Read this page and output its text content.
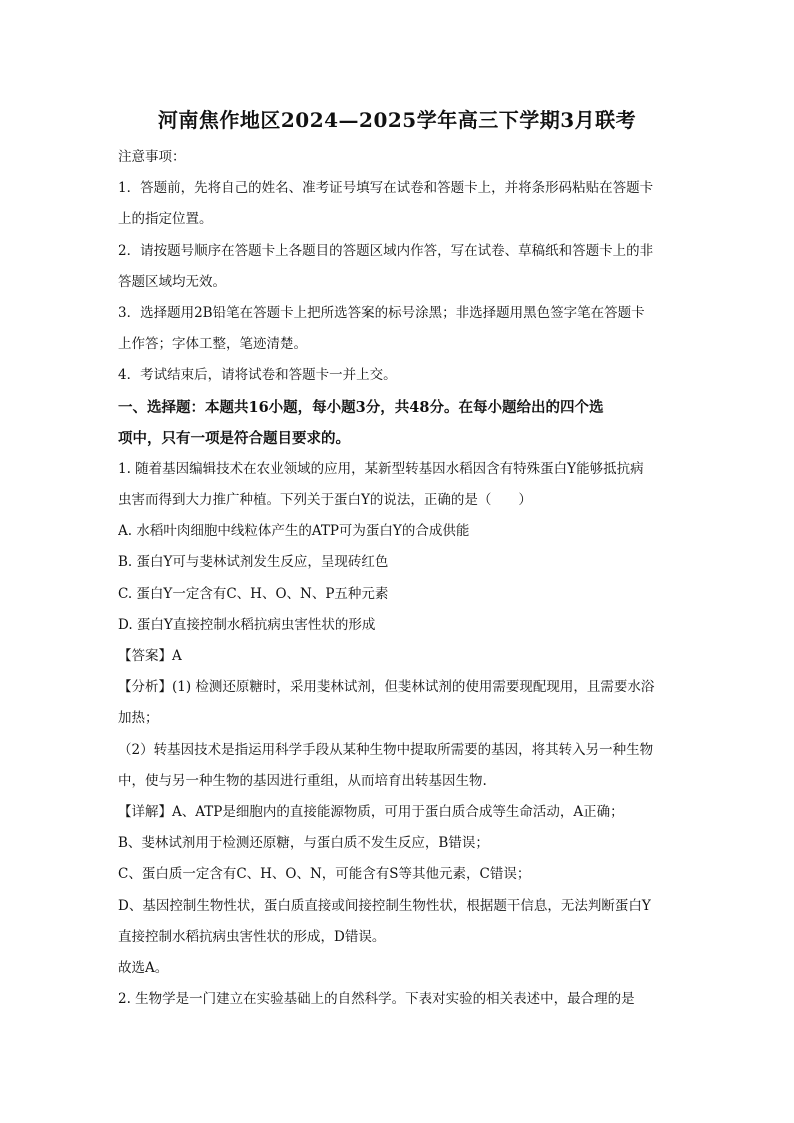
河南焦作地区2024—2025学年高三下学期3月联考
注意事项：
1．答题前，先将自己的姓名、准考证号填写在试卷和答题卡上，并将条形码粘贴在答题卡
上的指定位置。
2．请按题号顺序在答题卡上各题目的答题区域内作答，写在试卷、草稿纸和答题卡上的非
答题区域均无效。
3．选择题用2B铅笔在答题卡上把所选答案的标号涂黑；非选择题用黑色签字笔在答题卡
上作答；字体工整，笔迹清楚。
4．考试结束后，请将试卷和答题卡一并上交。
一、选择题：本题共16小题，每小题3分，共48分。在每小题给出的四个选
项中，只有一项是符合题目要求的。
1. 随着基因编辑技术在农业领域的应用，某新型转基因水稻因含有特殊蛋白Y能够抵抗病
虫害而得到大力推广种植。下列关于蛋白Y的说法，正确的是（　　）
A. 水稻叶肉细胞中线粒体产生的ATP可为蛋白Y的合成供能
B. 蛋白Y可与斐林试剂发生反应，呈现砖红色
C. 蛋白Y一定含有C、H、O、N、P五种元素
D. 蛋白Y直接控制水稻抗病虫害性状的形成
【答案】A
【分析】(1) 检测还原糖时，采用斐林试剂，但斐林试剂的使用需要现配现用，且需要水浴
加热；
（2）转基因技术是指运用科学手段从某种生物中提取所需要的基因，将其转入另一种生物
中，使与另一种生物的基因进行重组，从而培育出转基因生物.
【详解】A、ATP是细胞内的直接能源物质，可用于蛋白质合成等生命活动，A正确；
B、斐林试剂用于检测还原糖，与蛋白质不发生反应，B错误；
C、蛋白质一定含有C、H、O、N，可能含有S等其他元素，C错误；
D、基因控制生物性状，蛋白质直接或间接控制生物性状，根据题干信息，无法判断蛋白Y
直接控制水稻抗病虫害性状的形成，D错误。
故选A。
2. 生物学是一门建立在实验基础上的自然科学。下表对实验的相关表述中，最合理的是
